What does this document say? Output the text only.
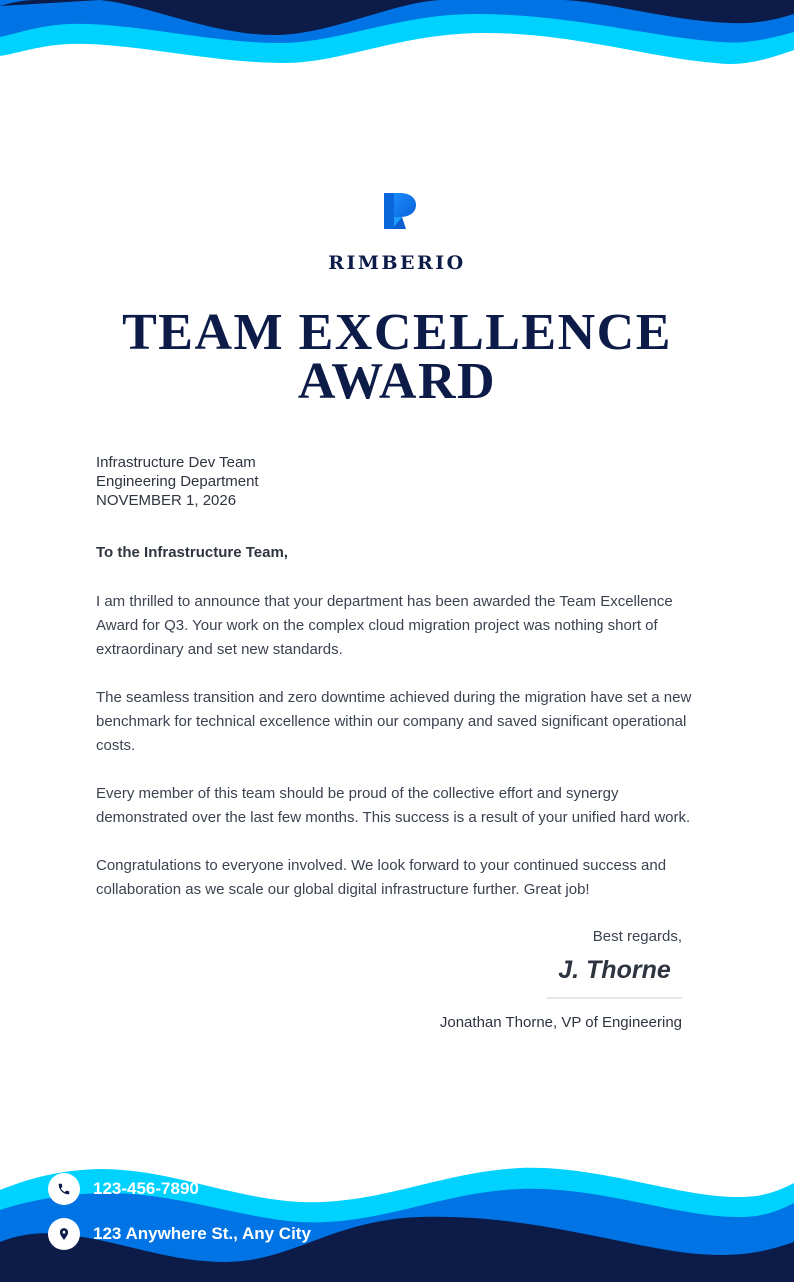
RIMBERIO
TEAM EXCELLENCE
AWARD
Infrastructure Dev Team
Engineering Department
NOVEMBER 1, 2026
To the Infrastructure Team,

I am thrilled to announce that your department has been awarded the Team Excellence Award for Q3. Your work on the complex cloud migration project was nothing short of extraordinary and set new standards.

The seamless transition and zero downtime achieved during the migration have set a new benchmark for technical excellence within our company and saved significant operational costs.

Every member of this team should be proud of the collective effort and synergy demonstrated over the last few months. This success is a result of your unified hard work.

Congratulations to everyone involved. We look forward to your continued success and collaboration as we scale our global digital infrastructure further. Great job!

Best regards,
J. Thorne
Jonathan Thorne, VP of Engineering
123-456-7890
123 Anywhere St., Any City
